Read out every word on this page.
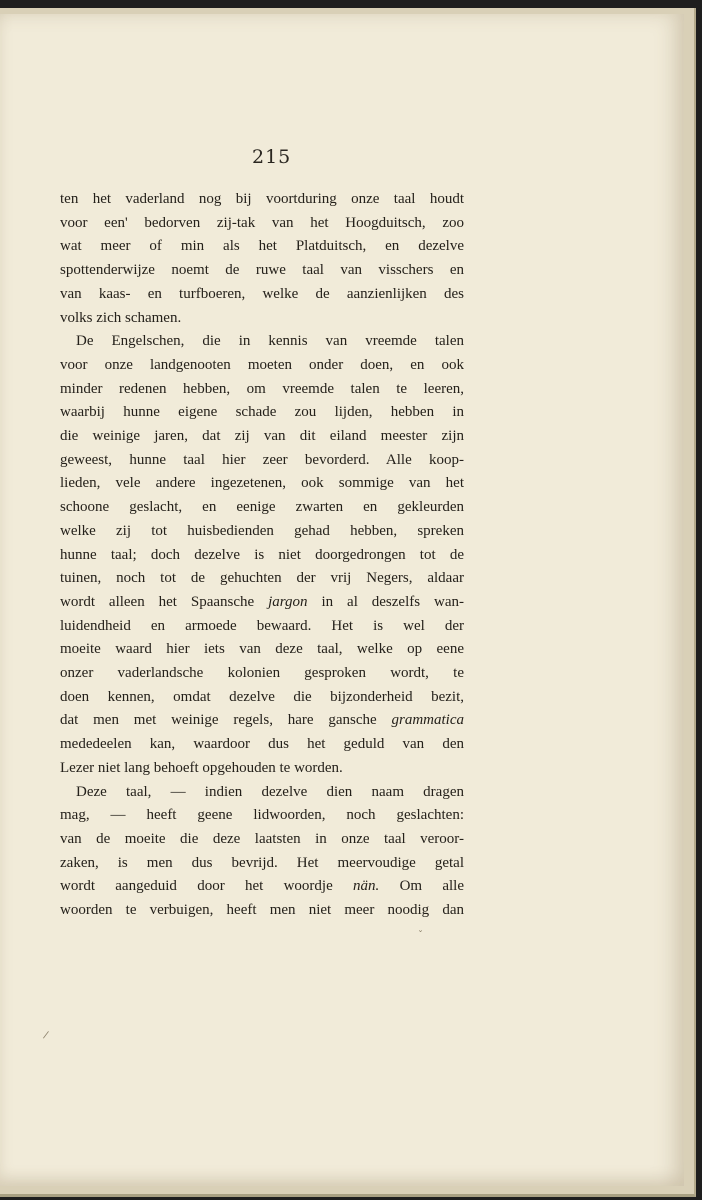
215
ten het vaderland nog bij voortduring onze taal houdt
voor een' bedorven zij-tak van het Hoogduitsch, zoo
wat meer of min als het Platduitsch, en dezelve
spottenderwijze noemt de ruwe taal van visschers en
van kaas- en turfboeren, welke de aanzienlijken des
volks zich schamen.
De Engelschen, die in kennis van vreemde talen
voor onze landgenooten moeten onder doen, en ook
minder redenen hebben, om vreemde talen te leeren,
waarbij hunne eigene schade zou lijden, hebben in
die weinige jaren, dat zij van dit eiland meester zijn
geweest, hunne taal hier zeer bevorderd. Alle koop-
lieden, vele andere ingezetenen, ook sommige van het
schoone geslacht, en eenige zwarten en gekleurden
welke zij tot huisbedienden gehad hebben, spreken
hunne taal; doch dezelve is niet doorgedrongen tot de
tuinen, noch tot de gehuchten der vrij Negers, aldaar
wordt alleen het Spaansche jargon in al deszelfs wan-
luidendheid en armoede bewaard. Het is wel der
moeite waard hier iets van deze taal, welke op eene
onzer vaderlandsche kolonien gesproken wordt, te
doen kennen, omdat dezelve die bijzonderheid bezit,
dat men met weinige regels, hare gansche grammatica
mededeelen kan, waardoor dus het geduld van den
Lezer niet lang behoeft opgehouden te worden.
Deze taal, — indien dezelve dien naam dragen
mag, — heeft geene lidwoorden, noch geslachten:
van de moeite die deze laatsten in onze taal veroor-
zaken, is men dus bevrijd. Het meervoudige getal
wordt aangeduid door het woordje nän. Om alle
woorden te verbuigen, heeft men niet meer noodig dan
ˇ
/
